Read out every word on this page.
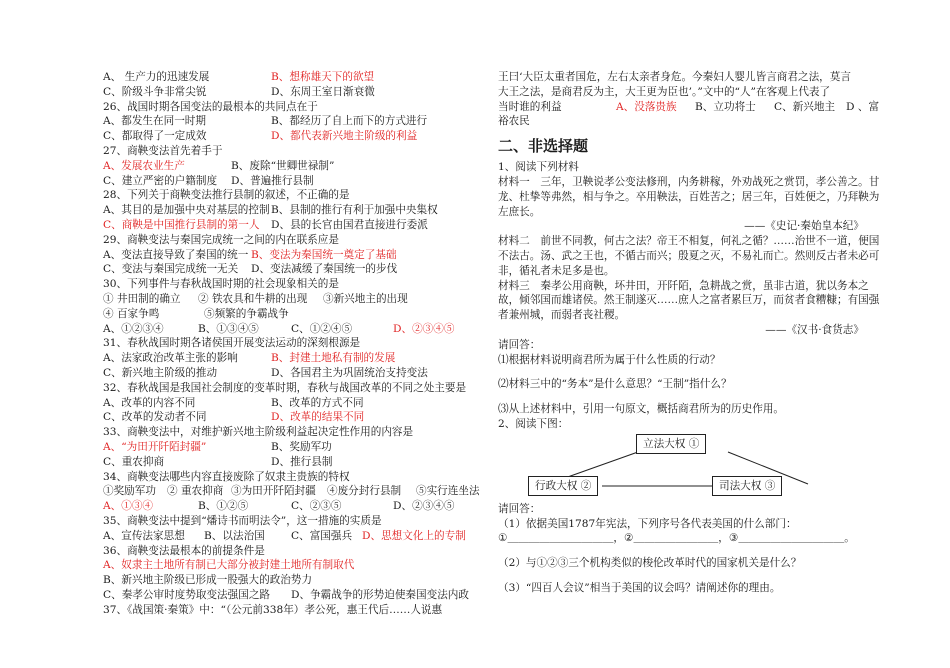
A、 生产力的迅速发展	B、想称雄天下的欲望
C、阶级斗争非常尖锐	D、东周王室日渐衰微
26、战国时期各国变法的最根本的共同点在于
A、都发生在同一时期	B、都经历了自上而下的方式进行
C、都取得了一定成效	D、都代表新兴地主阶级的利益
27、商鞅变法首先着手于
A、发展农业生产	B、废除“世卿世禄制”
C、建立严密的户籍制度 D、普遍推行县制
28、下列关于商鞅变法推行县制的叙述，不正确的是
A、其目的是加强中央对基层的控制 B、县制的推行有利于加强中央集权
C、商鞅是中国推行县制的第一人 D、县的长官由国君直接进行委派
29、商鞅变法与秦国完成统一之间的内在联系应是
A、变法直接导致了秦国的统一 B、变法为秦国统一奠定了基础
C、变法与秦国完成统一无关 D、变法减缓了秦国统一的步伐
30、下列事件与春秋战国时期的社会现象相关的是
① 井田制的确立 ② 铁农具和牛耕的出现 ③新兴地主的出现
④ 百家争鸣	⑤频繁的争霸战争
A、①②③④	B、①③④⑤	C、①②④⑤	D、②③④⑤
31、春秋战国时期各诸侯国开展变法运动的深刻根源是
A、法家政治改革主张的影响	B、封建土地私有制的发展
C、新兴地主阶级的推动	D、各国君主为巩固统治支持变法
32、春秋战国是我国社会制度的变革时期，春秋与战国改革的不同之处主要是
A、改革的内容不同	B、改革的方式不同
C、改革的发动者不同	D、改革的结果不同
33、商鞅变法中，对维护新兴地主阶级利益起决定性作用的内容是
A、“为田开阡陌封疆”	B、奖励军功
C、重农抑商	D、推行县制
34、商鞅变法哪些内容直接废除了奴隶主贵族的特权
①奖励军功 ② 重农抑商 ③为田开阡陌封疆 ④废分封行县制 ⑤实行连坐法
A、①③④	B、①②⑤	C、②③⑤	D、②③④⑤
35、商鞅变法中提到“燔诗书而明法令”，这一措施的实质是
A、宣传法家思想 B、以法治国 C、富国强兵 D、思想文化上的专制
36、商鞅变法最根本的前提条件是
A、奴隶主土地所有制已大部分被封建土地所有制取代
B、新兴地主阶级已形成一股强大的政治势力
C、秦孝公审时度势取变法强国之路 D、争霸战争的形势迫使秦国变法内政
37、《战国策·秦策》中：“（公元前338年）孝公死，惠王代后……人说惠
王曰‘大臣太重者国危，左右太亲者身危。今秦妇人婴儿皆言商君之法，莫言
大王之法，是商君反为主，大王更为臣也’。”文中的“人”在客观上代表了
当时谁的利益	A、没落贵族 B、立功将士 C、新兴地主 D 、富
裕农民
二、非选择题
1、阅读下列材料
材料一　三年，卫鞅说孝公变法修刑，内务耕稼，外劝战死之赏罚，孝公善之。甘龙、杜挚等弗然，相与争之。卒用鞅法，百姓苦之；居三年，百姓便之，乃拜鞅为左庶长。
——《史记·秦始皇本纪》
材料二　前世不同教，何古之法？帝王不相复，何礼之循？……治世不一道，便国不法古。汤、武之王也，不循古而兴；殷夏之灭，不易礼而亡。然则反古者未必可非，循礼者未足多是也。
材料三　秦孝公用商鞅，坏井田，开阡陌，急耕战之赏，虽非古道，犹以务本之故，倾邻国而雄诸侯。然王制遂灭……庶人之富者累巨万，而贫者食糟糠；有国强者兼州城，而弱者丧社稷。
——《汉书·食货志》
请回答：
⑴根据材料说明商君所为属于什么性质的行动？
⑵材料三中的“务本”是什么意思？“王制”指什么？
⑶从上述材料中，引用一句原文，概括商君所为的历史作用。
2、阅读下图：
立法大权 ①
行政大权 ②	司法大权 ③
请回答：
（1）依据美国1787年宪法，下列序号各代表美国的什么部门：
①＿＿＿＿＿＿＿＿＿＿，②＿＿＿＿＿＿＿＿，③＿＿＿＿＿＿＿＿＿＿。
（2）与①②③三个机构类似的梭伦改革时代的国家机关是什么？
（3）“四百人会议”相当于美国的议会吗？请阐述你的理由。
